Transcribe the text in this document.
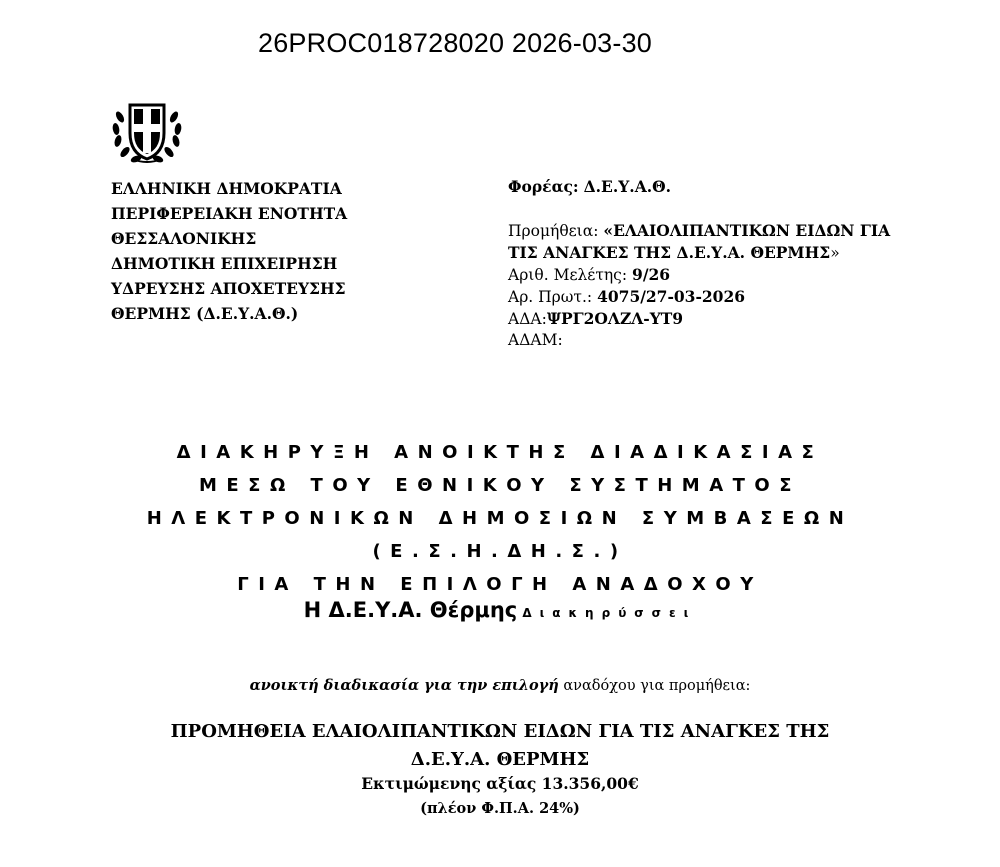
26PROC018728020 2026-03-30
ΕΛΛΗΝΙΚΗ ΔΗΜΟΚΡΑΤΙΑ
ΠΕΡΙΦΕΡΕΙΑΚΗ ΕΝΟΤΗΤΑ
ΘΕΣΣΑΛΟΝΙΚΗΣ
ΔΗΜΟΤΙΚΗ ΕΠΙΧΕΙΡΗΣΗ
ΥΔΡΕΥΣΗΣ ΑΠΟΧΕΤΕΥΣΗΣ
ΘΕΡΜΗΣ (Δ.Ε.Υ.Α.Θ.)
Φορέας: Δ.Ε.Υ.Α.Θ.
Προμήθεια: «ΕΛΑΙΟΛΙΠΑΝΤΙΚΩΝ ΕΙΔΩΝ ΓΙΑ
ΤΙΣ ΑΝΑΓΚΕΣ ΤΗΣ Δ.Ε.Υ.Α. ΘΕΡΜΗΣ»
Αριθ. Μελέτης: 9/26
Αρ. Πρωτ.: 4075/27-03-2026
ΑΔΑ:ΨΡΓ2ΟΛΖΛ-ΥΤ9
ΑΔΑΜ:
ΔΙΑΚΗΡΥΞΗ ΑΝΟΙΚΤΗΣ ΔΙΑΔΙΚΑΣΙΑΣ
ΜΕΣΩ ΤΟΥ ΕΘΝΙΚΟΥ ΣΥΣΤΗΜΑΤΟΣ
ΗΛΕΚΤΡΟΝΙΚΩΝ ΔΗΜΟΣΙΩΝ ΣΥΜΒΑΣΕΩΝ
(Ε.Σ.Η.ΔΗ.Σ.)
ΓΙΑ ΤΗΝ ΕΠΙΛΟΓΗ ΑΝΑΔΟΧΟΥ
Η Δ.Ε.Υ.Α. Θέρμης Διακηρύσσει
ανοικτή διαδικασία για την επιλογή αναδόχου για προμήθεια:
ΠΡΟΜΗΘΕΙΑ ΕΛΑΙΟΛΙΠΑΝΤΙΚΩΝ ΕΙΔΩΝ ΓΙΑ ΤΙΣ ΑΝΑΓΚΕΣ ΤΗΣ
Δ.Ε.Υ.Α. ΘΕΡΜΗΣ
Εκτιμώμενης αξίας 13.356,00€
(πλέον Φ.Π.Α. 24%)
